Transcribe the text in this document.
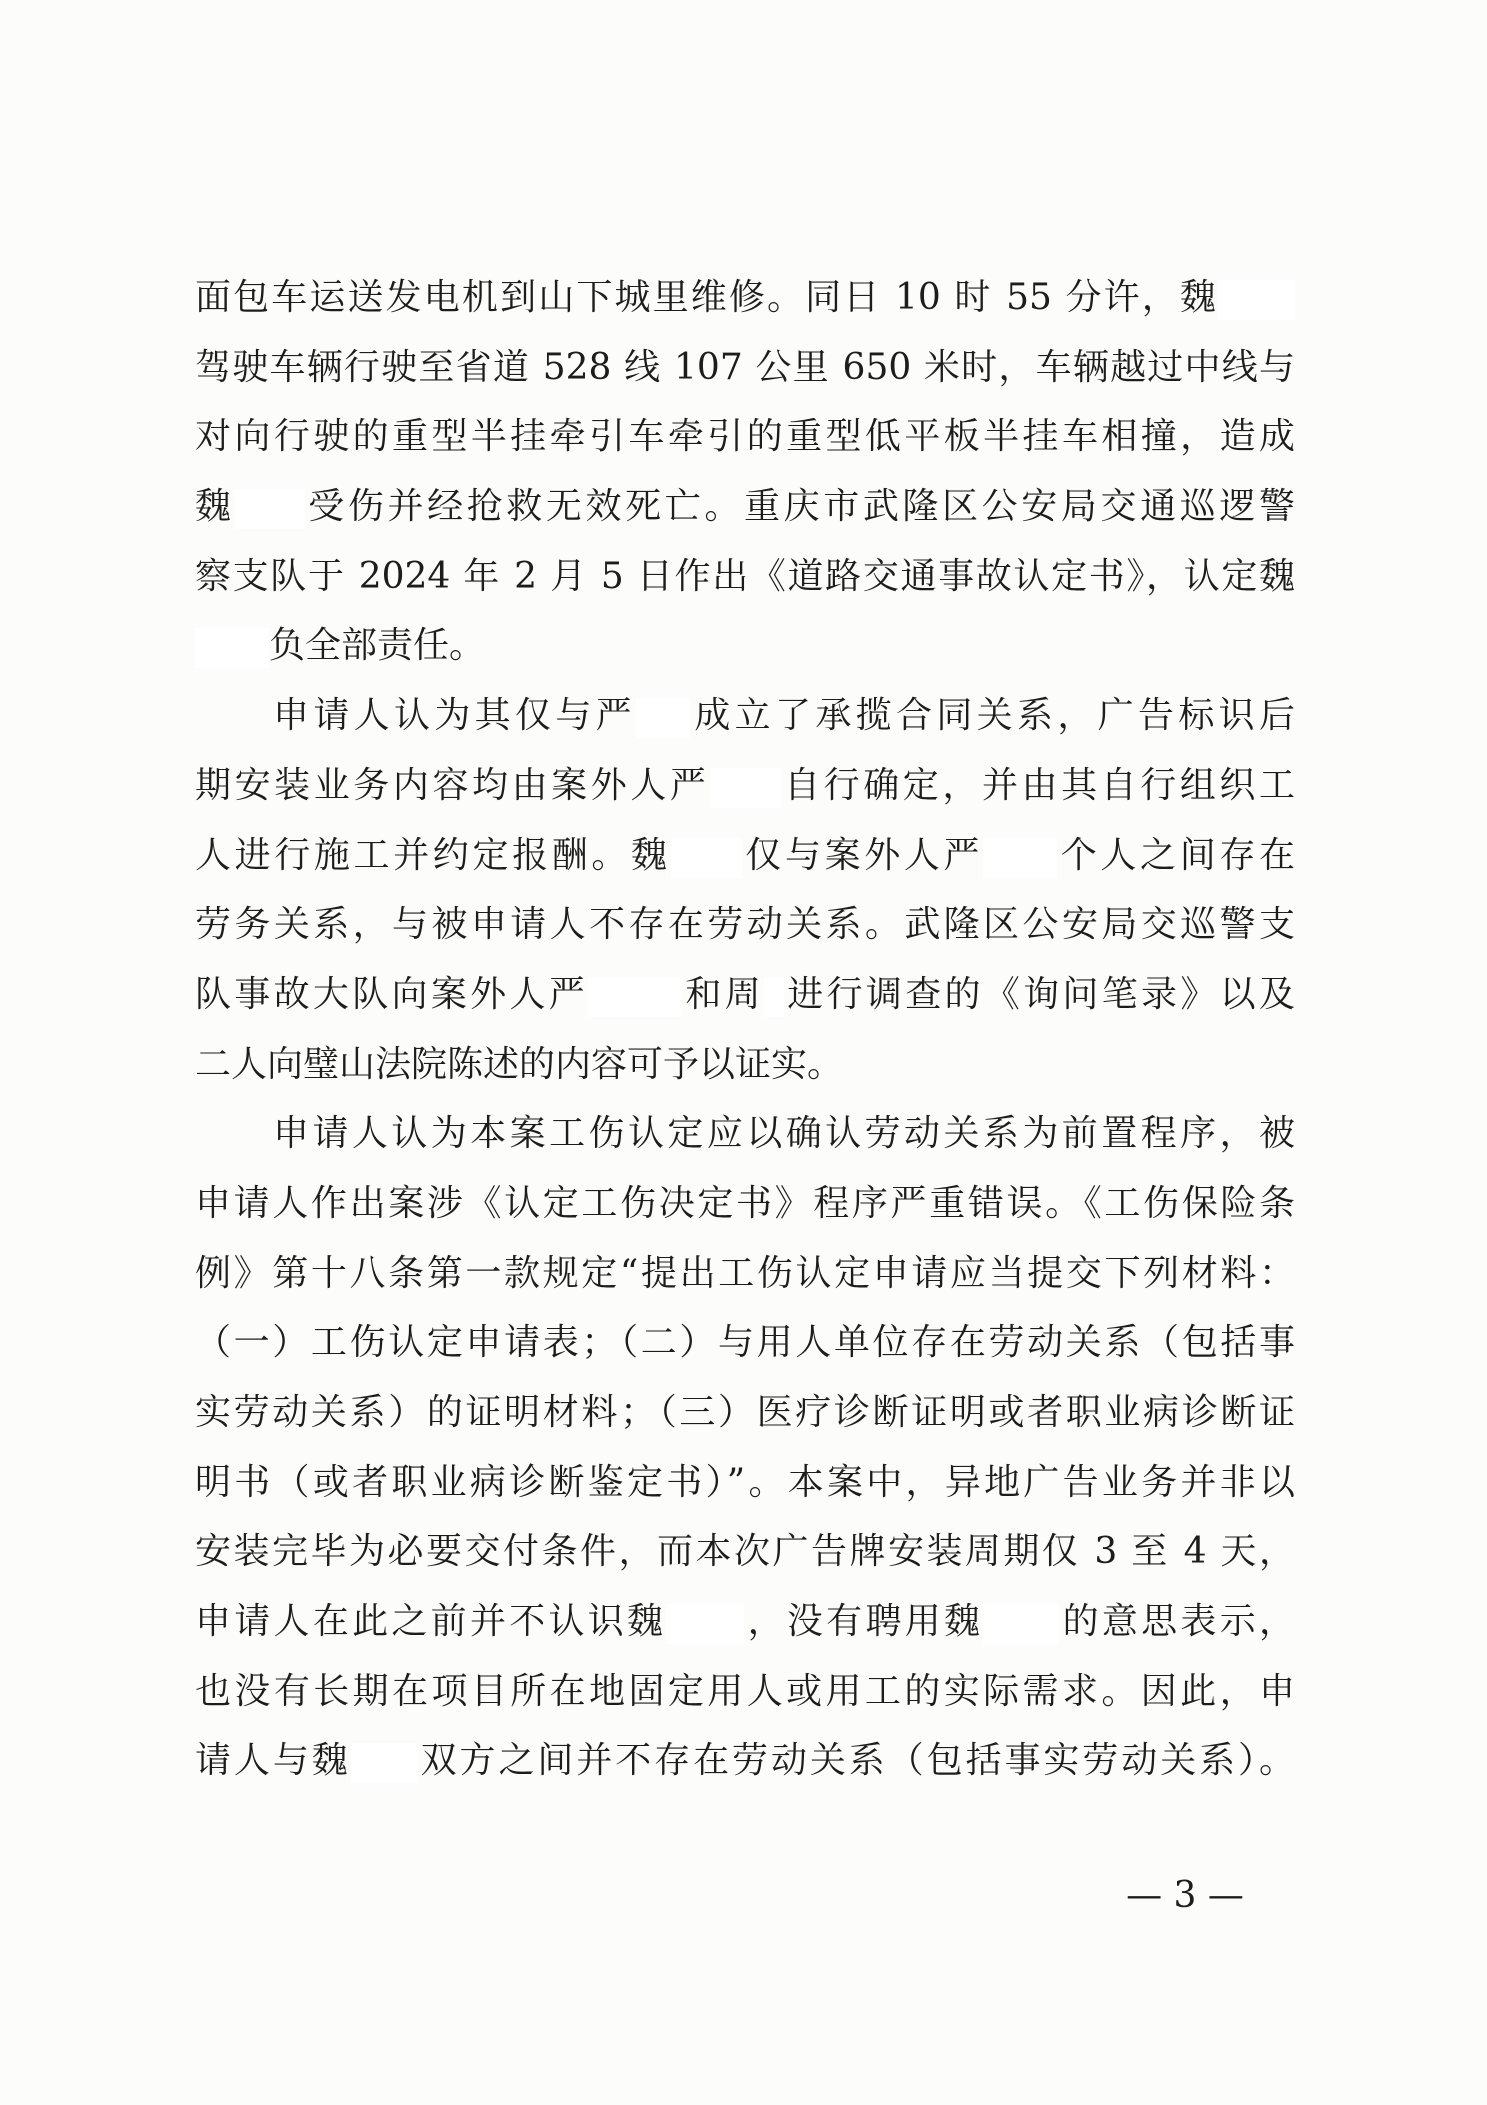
面包车运送发电机到山下城里维修。同日 10 时 55 分许，魏
驾驶车辆行驶至省道 528 线 107 公里 650 米时，车辆越过中线与
对向行驶的重型半挂牵引车牵引的重型低平板半挂车相撞，造成
魏 受伤并经抢救无效死亡。重庆市武隆区公安局交通巡逻警
察支队于 2024 年 2 月 5 日作出《道路交通事故认定书》，认定魏
负全部责任。
申请人认为其仅与严 成立了承揽合同关系，广告标识后
期安装业务内容均由案外人严 自行确定，并由其自行组织工
人进行施工并约定报酬。魏 仅与案外人严 个人之间存在
劳务关系，与被申请人不存在劳动关系。武隆区公安局交巡警支
队事故大队向案外人严	和周 进行调查的《询问笔录》以及
二人向璧山法院陈述的内容可予以证实。
申请人认为本案工伤认定应以确认劳动关系为前置程序，被
申请人作出案涉《认定工伤决定书》程序严重错误。《工伤保险条
例》第十八条第一款规定“提出工伤认定申请应当提交下列材料：
（一）工伤认定申请表；（二）与用人单位存在劳动关系（包括事
实劳动关系）的证明材料；（三）医疗诊断证明或者职业病诊断证
明书（或者职业病诊断鉴定书）”。本案中，异地广告业务并非以
安装完毕为必要交付条件，而本次广告牌安装周期仅 3 至 4 天，
申请人在此之前并不认识魏 ，没有聘用魏 的意思表示，
也没有长期在项目所在地固定用人或用工的实际需求。因此，申
请人与魏 双方之间并不存在劳动关系（包括事实劳动关系）。
— 3 —
